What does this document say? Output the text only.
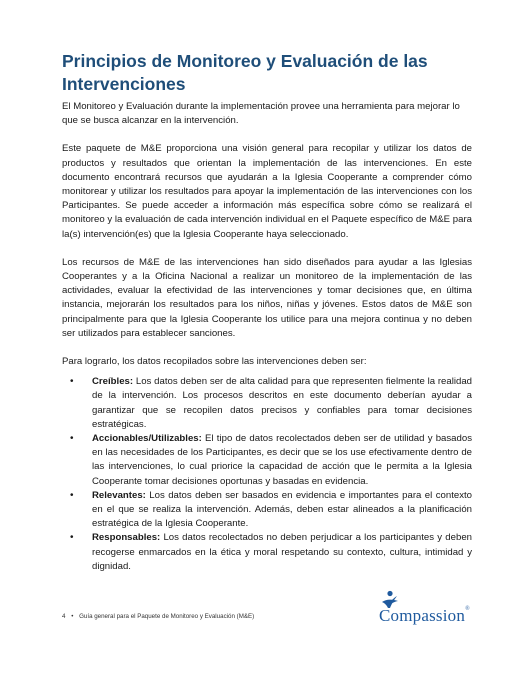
Principios de Monitoreo y Evaluación de las Intervenciones

El Monitoreo y Evaluación durante la implementación provee una herramienta para mejorar lo que se busca alcanzar en la intervención.

Este paquete de M&E proporciona una visión general para recopilar y utilizar los datos de productos y resultados que orientan la implementación de las intervenciones. En este documento encontrará recursos que ayudarán a la Iglesia Cooperante a comprender cómo monitorear y utilizar los resultados para apoyar la implementación de las intervenciones con los Participantes. Se puede acceder a información más específica sobre cómo se realizará el monitoreo y la evaluación de cada intervención individual en el Paquete específico de M&E para la(s) intervención(es) que la Iglesia Cooperante haya seleccionado.

Los recursos de M&E de las intervenciones han sido diseñados para ayudar a las Iglesias Cooperantes y a la Oficina Nacional a realizar un monitoreo de la implementación de las actividades, evaluar la efectividad de las intervenciones y tomar decisiones que, en última instancia, mejorarán los resultados para los niños, niñas y jóvenes. Estos datos de M&E son principalmente para que la Iglesia Cooperante los utilice para una mejora continua y no deben ser utilizados para establecer sanciones.

Para lograrlo, los datos recopilados sobre las intervenciones deben ser:

• Creíbles: Los datos deben ser de alta calidad para que representen fielmente la realidad de la intervención. Los procesos descritos en este documento deberían ayudar a garantizar que se recopilen datos precisos y confiables para tomar decisiones estratégicas.
• Accionables/Utilizables: El tipo de datos recolectados deben ser de utilidad y basados en las necesidades de los Participantes, es decir que se los use efectivamente dentro de las intervenciones, lo cual priorice la capacidad de acción que le permita a la Iglesia Cooperante tomar decisiones oportunas y basadas en evidencia.
• Relevantes: Los datos deben ser basados en evidencia e importantes para el contexto en el que se realiza la intervención. Además, deben estar alineados a la planificación estratégica de la Iglesia Cooperante.
• Responsables: Los datos recolectados no deben perjudicar a los participantes y deben recogerse enmarcados en la ética y moral respetando su contexto, cultura, intimidad y dignidad.
4 • Guía general para el Paquete de Monitoreo y Evaluación (M&E)	Compassion®
